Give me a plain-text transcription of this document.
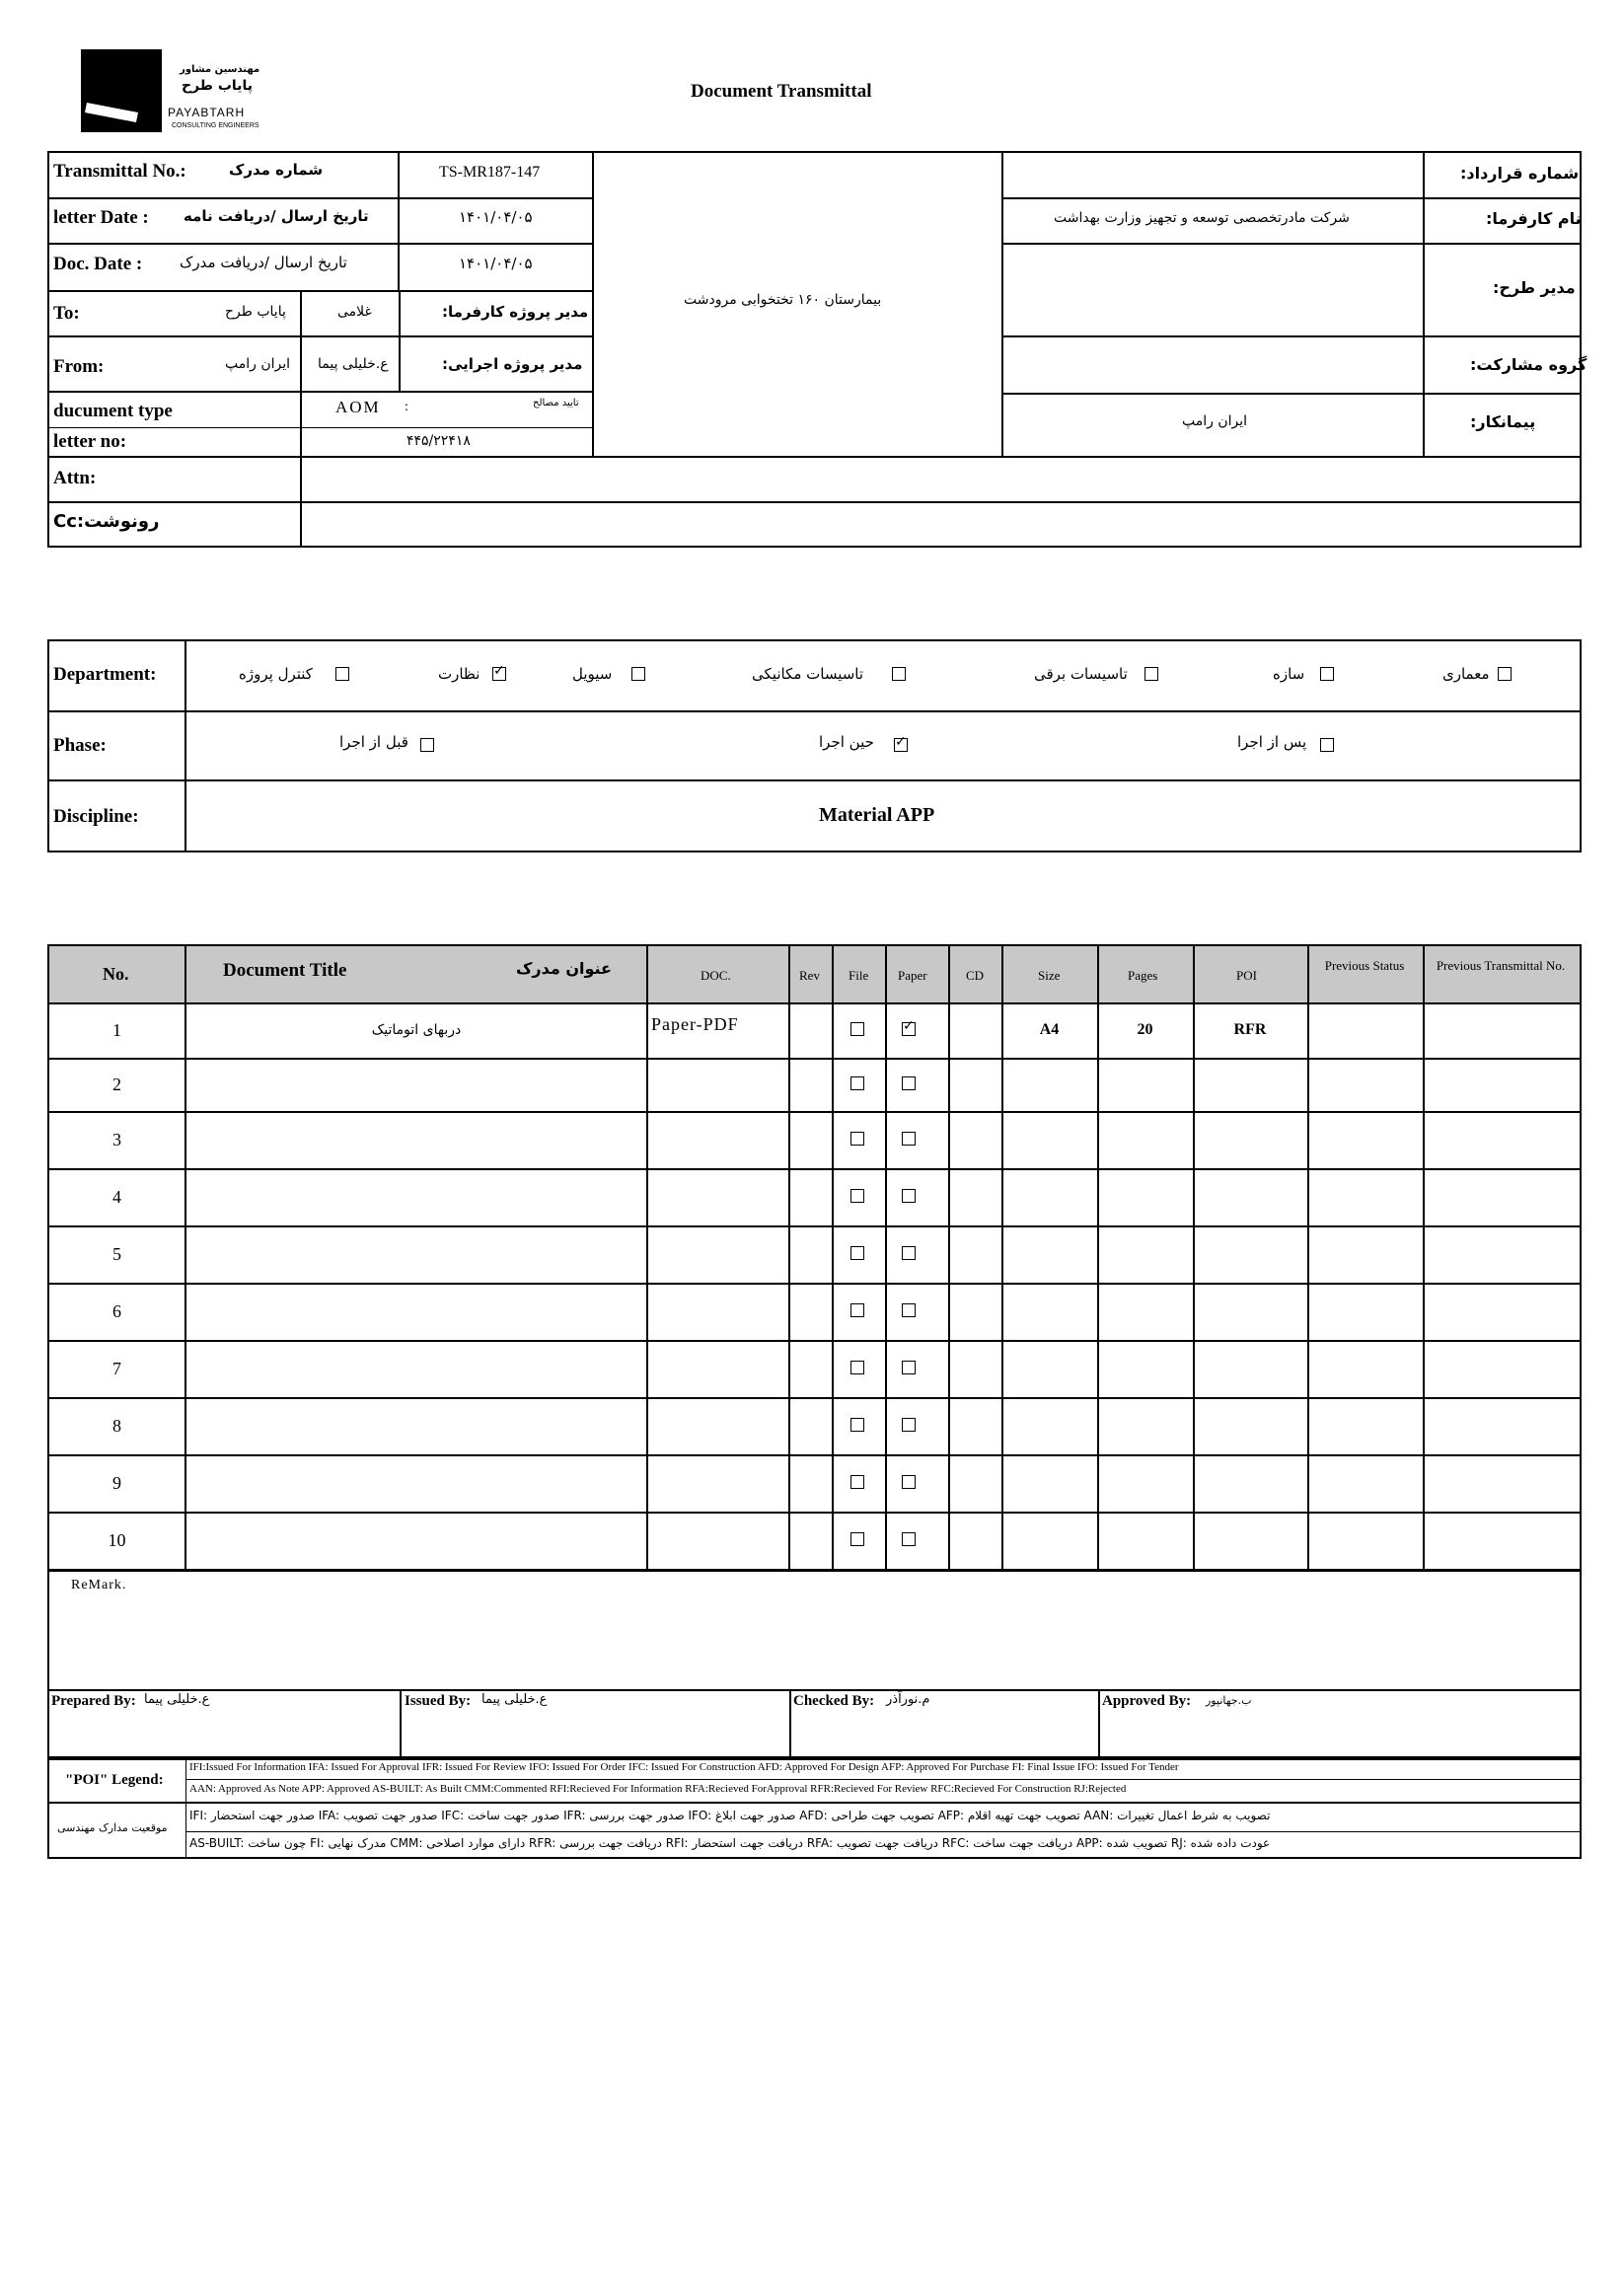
مهندسین مشاور
پایاب طرح
PAYABTARH
CONSULTING ENGINEERS
Document Transmittal
Transmittal No.:	شماره مدرک	TS-MR187-147
letter Date : تاریخ ارسال /دریافت نامه	۱۴۰۱/۰۴/۰۵
Doc. Date :	تاریخ ارسال /دریافت مدرک	۱۴۰۱/۰۴/۰۵
To:	پایاب طرح	غلامی	مدیر پروژه کارفرما:
From:	ایران رامپ ع.خلیلی پیما	مدیر پروژه اجرایی:
ducument type	AOM :	تایید مصالح
letter no:	۴۴۵/۲۲۴۱۸
Attn:
Cc:رونوشت
بیمارستان ۱۶۰ تختخوابی مرودشت
شماره قرارداد:
نام کارفرما:
شرکت مادرتخصصی توسعه و تجهیز وزارت بهداشت
مدیر طرح:
گروه مشارکت:
پیمانکار:
ایران رامپ
Department:	معماری
سازه
تاسیسات برقی
تاسیسات مکانیکی
سیویل
✓
نظارت
کنترل پروژه
Phase:	پس از اجرا
✓
حین اجرا
قبل از اجرا
Discipline:	Material APP
No.	Document Title	عنوان مدرک	DOC.	Rev File Paper	CD	Size	Pages	POI
Previous Status	Previous Transmittal No.
1	دربهای اتوماتیک	Paper-PDF
✓	A4	20	RFR
2
3
4
5
6
7
8
9
10
ReMark.
Prepared By: ع.خلیلی پیما	Issued By: ع.خلیلی پیما	Checked By: م.نورآذر	Approved By: ب.جهانپور
"POI" Legend:
IFI:Issued For Information IFA: Issued For Approval IFR: Issued For Review IFO: Issued For Order IFC: Issued For Construction AFD: Approved For Design AFP: Approved For Purchase FI: Final Issue IFO: Issued For Tender
AAN: Approved As Note APP: Approved AS-BUILT: As Built CMM:Commented RFI:Recieved For Information RFA:Recieved ForApproval RFR:Recieved For Review RFC:Recieved For Construction RJ:Rejected
موقعیت مدارک مهندسی
IFI: صدور جهت استحضار IFA: صدور جهت تصویب IFC: صدور جهت ساخت IFR: صدور جهت بررسی IFO: صدور جهت ابلاغ AFD: تصویب جهت طراحی AFP: تصویب جهت تهیه اقلام AAN: تصویب به شرط اعمال تغییرات
AS-BUILT: چون ساخت FI: مدرک نهایی CMM: دارای موارد اصلاحی RFR: دریافت جهت بررسی RFI: دریافت جهت استحضار RFA: دریافت جهت تصویب RFC: دریافت جهت ساخت APP: تصویب شده RJ: عودت داده شده
